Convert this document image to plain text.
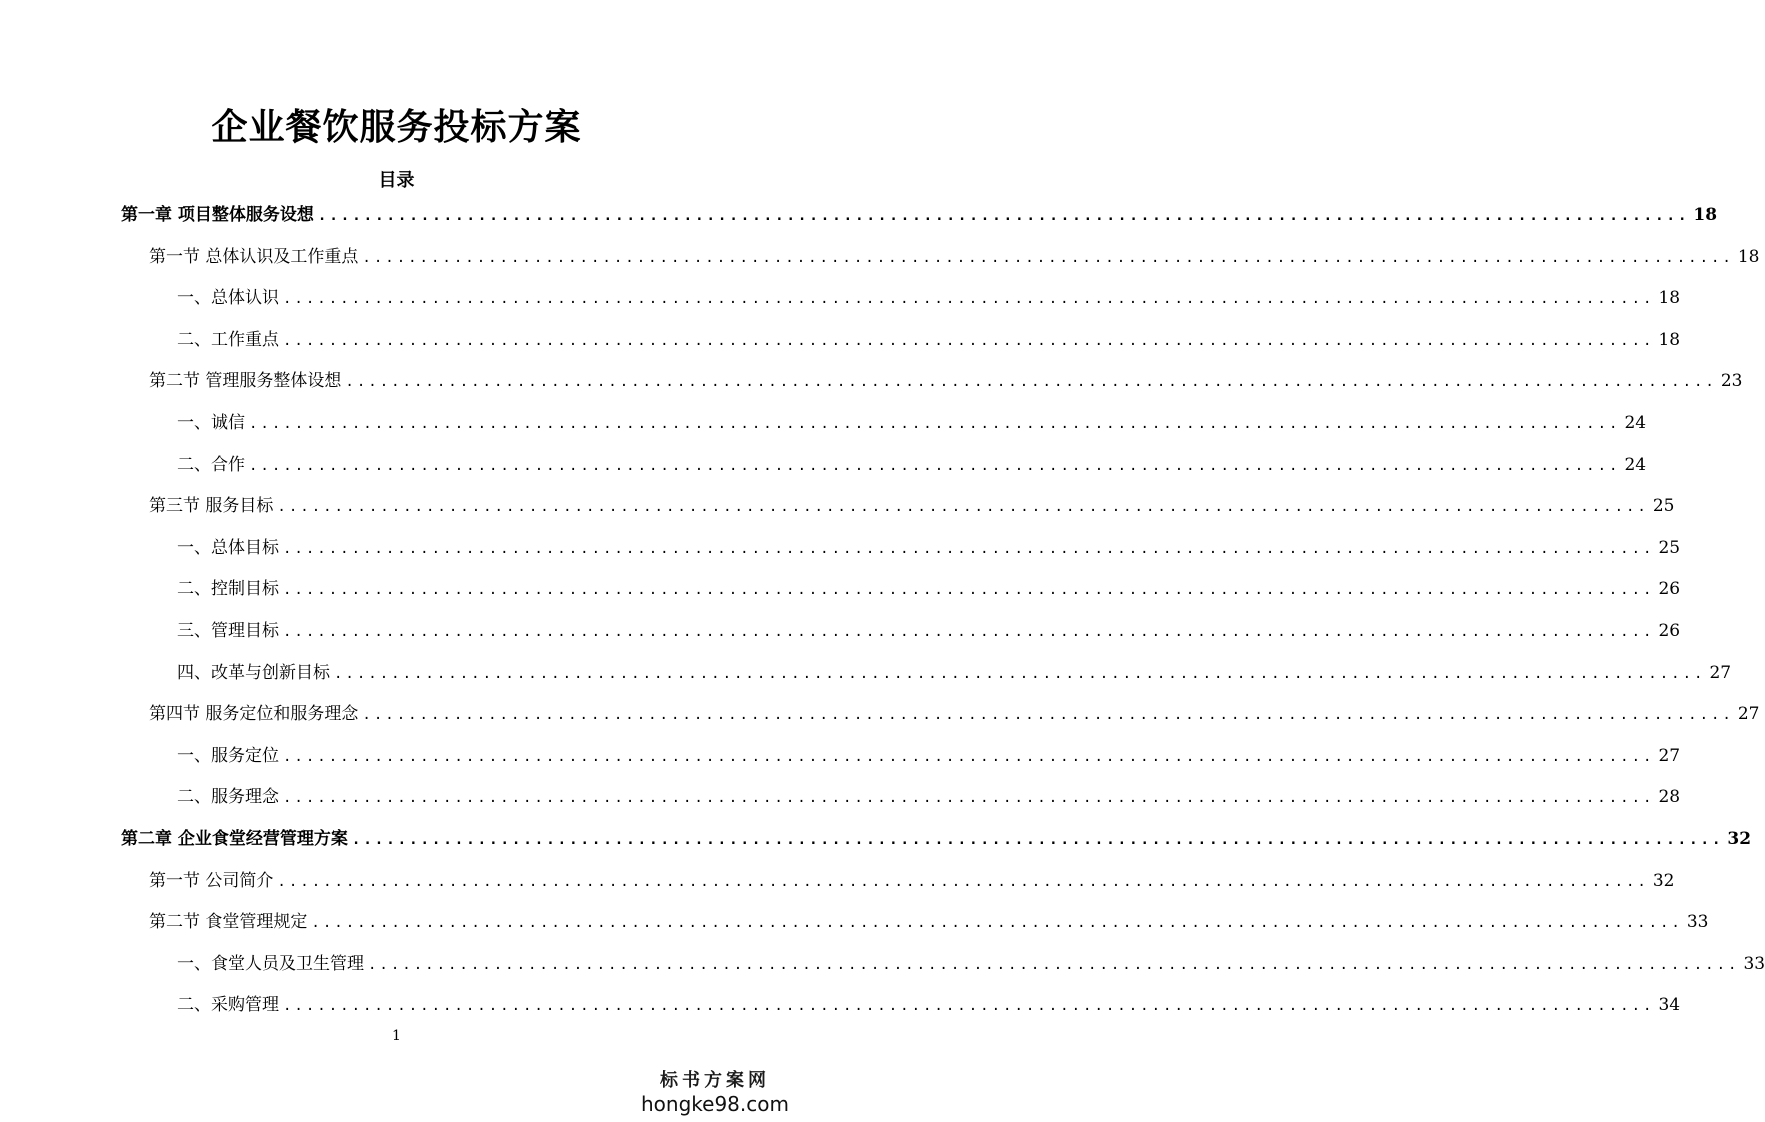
企业餐饮服务投标方案
目录
第一章 项目整体服务设想 ........................................................................................................................ 18
第一节 总体认识及工作重点 ........................................................................................................................ 18
一、总体认识 ........................................................................................................................ 18
二、工作重点 ........................................................................................................................ 18
第二节 管理服务整体设想 ........................................................................................................................ 23
一、诚信 ........................................................................................................................ 24
二、合作 ........................................................................................................................ 24
第三节 服务目标 ........................................................................................................................ 25
一、总体目标 ........................................................................................................................ 25
二、控制目标 ........................................................................................................................ 26
三、管理目标 ........................................................................................................................ 26
四、改革与创新目标 ........................................................................................................................ 27
第四节 服务定位和服务理念 ........................................................................................................................ 27
一、服务定位 ........................................................................................................................ 27
二、服务理念 ........................................................................................................................ 28
第二章 企业食堂经营管理方案 ........................................................................................................................ 32
第一节 公司简介 ........................................................................................................................ 32
第二节 食堂管理规定 ........................................................................................................................ 33
一、食堂人员及卫生管理 ........................................................................................................................ 33
二、采购管理 ........................................................................................................................ 34
1
标书方案网
hongke98.com
